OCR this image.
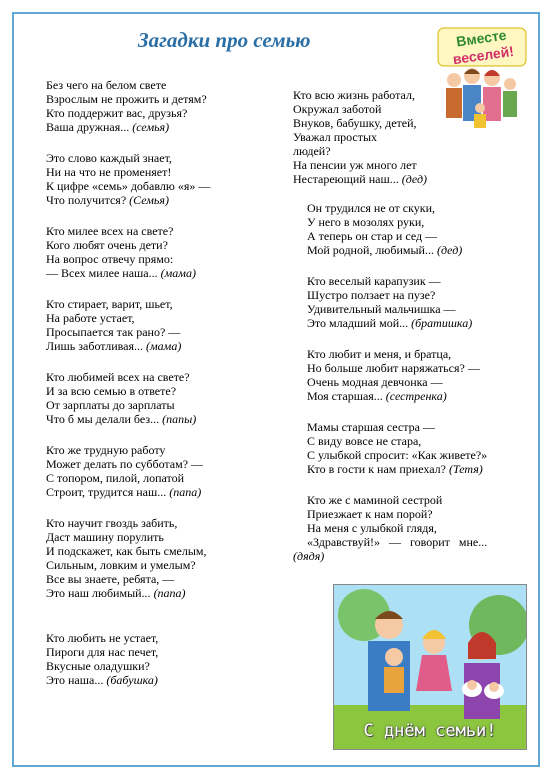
Загадки про семью	Вместе
веселей!
Без чего на белом свете
Взрослым не прожить и детям?
Кто поддержит вас, друзья?
Ваша дружная... (семья)
Это слово каждый знает,
Ни на что не променяет!
К цифре «семь» добавлю «я» —
Что получится? (Семья)
Кто милее всех на свете?
Кого любят очень дети?
На вопрос отвечу прямо:
— Всех милее наша... (мама)
Кто стирает, варит, шьет,
На работе устает,
Просыпается так рано? —
Лишь заботливая... (мама)
Кто любимей всех на свете?
И за всю семью в ответе?
От зарплаты до зарплаты
Что б мы делали без... (папы)
Кто же трудную работу
Может делать по субботам? —
С топором, пилой, лопатой
Строит, трудится наш... (папа)
Кто научит гвоздь забить,
Даст машину порулить
И подскажет, как быть смелым,
Сильным, ловким и умелым?
Все вы знаете, ребята, —
Это наш любимый... (папа)
Кто любить не устает,
Пироги для нас печет,
Вкусные оладушки?
Это наша... (бабушка)
Кто всю жизнь работал,
Окружал заботой
Внуков, бабушку, детей,
Уважал простых
людей?
На пенсии уж много лет
Нестареющий наш... (дед)
Он трудился не от скуки,
У него в мозолях руки,
А теперь он стар и сед —
Мой родной, любимый... (дед)
Кто веселый карапузик —
Шустро ползает на пузе?
Удивительный мальчишка —
Это младший мой... (братишка)
Кто любит и меня, и братца,
Но больше любит наряжаться? —
Очень модная девчонка —
Моя старшая... (сестренка)
Мамы старшая сестра —
С виду вовсе не стара,
С улыбкой спросит: «Как живете?»
Кто в гости к нам приехал? (Тетя)
Кто же с маминой сестрой
Приезжает к нам порой?
На меня с улыбкой глядя,
«Здравствуй!» — говорит мне...
(дядя)
С днём семьи!
